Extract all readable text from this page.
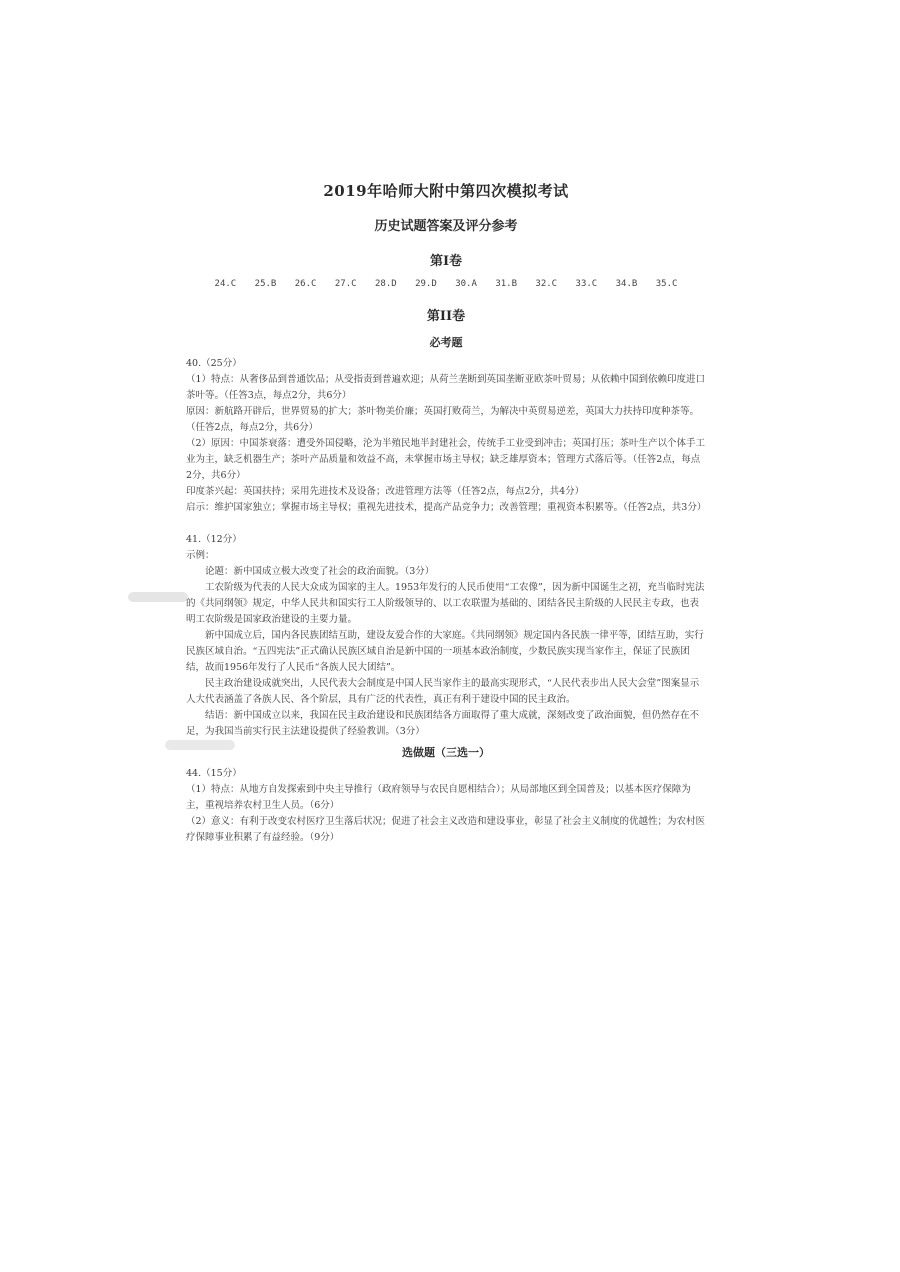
2019年哈师大附中第四次模拟考试
历史试题答案及评分参考
第I卷
24.C 25.B 26.C 27.C 28.D 29.D 30.A 31.B 32.C 33.C 34.B 35.C
第II卷
必考题

40.（25分）

（1）特点：从奢侈品到普通饮品；从受指责到普遍欢迎；从荷兰垄断到英国垄断亚欧茶叶贸易；从依赖中国到依赖印度进口茶叶等。（任答3点，每点2分，共6分）

原因：新航路开辟后，世界贸易的扩大；茶叶物美价廉；英国打败荷兰，为解决中英贸易逆差，英国大力扶持印度种茶等。（任答2点，每点2分，共6分）

（2）原因：中国茶衰落：遭受外国侵略，沦为半殖民地半封建社会，传统手工业受到冲击；英国打压；茶叶生产以个体手工业为主，缺乏机器生产；茶叶产品质量和效益不高，未掌握市场主导权；缺乏雄厚资本；管理方式落后等。（任答2点，每点2分，共6分）

印度茶兴起：英国扶持；采用先进技术及设备；改进管理方法等（任答2点，每点2分，共4分）

启示：维护国家独立；掌握市场主导权；重视先进技术，提高产品竞争力；改善管理；重视资本积累等。（任答2点，共3分）

41.（12分）

示例：

论题：新中国成立极大改变了社会的政治面貌。（3分）

工农阶级为代表的人民大众成为国家的主人。1953年发行的人民币使用“工农像”，因为新中国诞生之初，充当临时宪法的《共同纲领》规定，中华人民共和国实行工人阶级领导的、以工农联盟为基础的、团结各民主阶级的人民民主专政，也表明工农阶级是国家政治建设的主要力量。

新中国成立后，国内各民族团结互助，建设友爱合作的大家庭。《共同纲领》规定国内各民族一律平等，团结互助，实行民族区域自治。“五四宪法”正式确认民族区域自治是新中国的一项基本政治制度，少数民族实现当家作主，保证了民族团结，故而1956年发行了人民币“各族人民大团结”。

民主政治建设成就突出，人民代表大会制度是中国人民当家作主的最高实现形式，“人民代表步出人民大会堂”图案显示人大代表涵盖了各族人民、各个阶层，具有广泛的代表性，真正有利于建设中国的民主政治。

结语：新中国成立以来，我国在民主政治建设和民族团结各方面取得了重大成就，深刻改变了政治面貌，但仍然存在不足，为我国当前实行民主法建设提供了经验教训。（3分）

选做题（三选一）

44.（15分）

（1）特点：从地方自发探索到中央主导推行（政府领导与农民自愿相结合）；从局部地区到全国普及；以基本医疗保障为主，重视培养农村卫生人员。（6分）

（2）意义：有利于改变农村医疗卫生落后状况；促进了社会主义改造和建设事业，彰显了社会主义制度的优越性；为农村医疗保障事业积累了有益经验。（9分）
